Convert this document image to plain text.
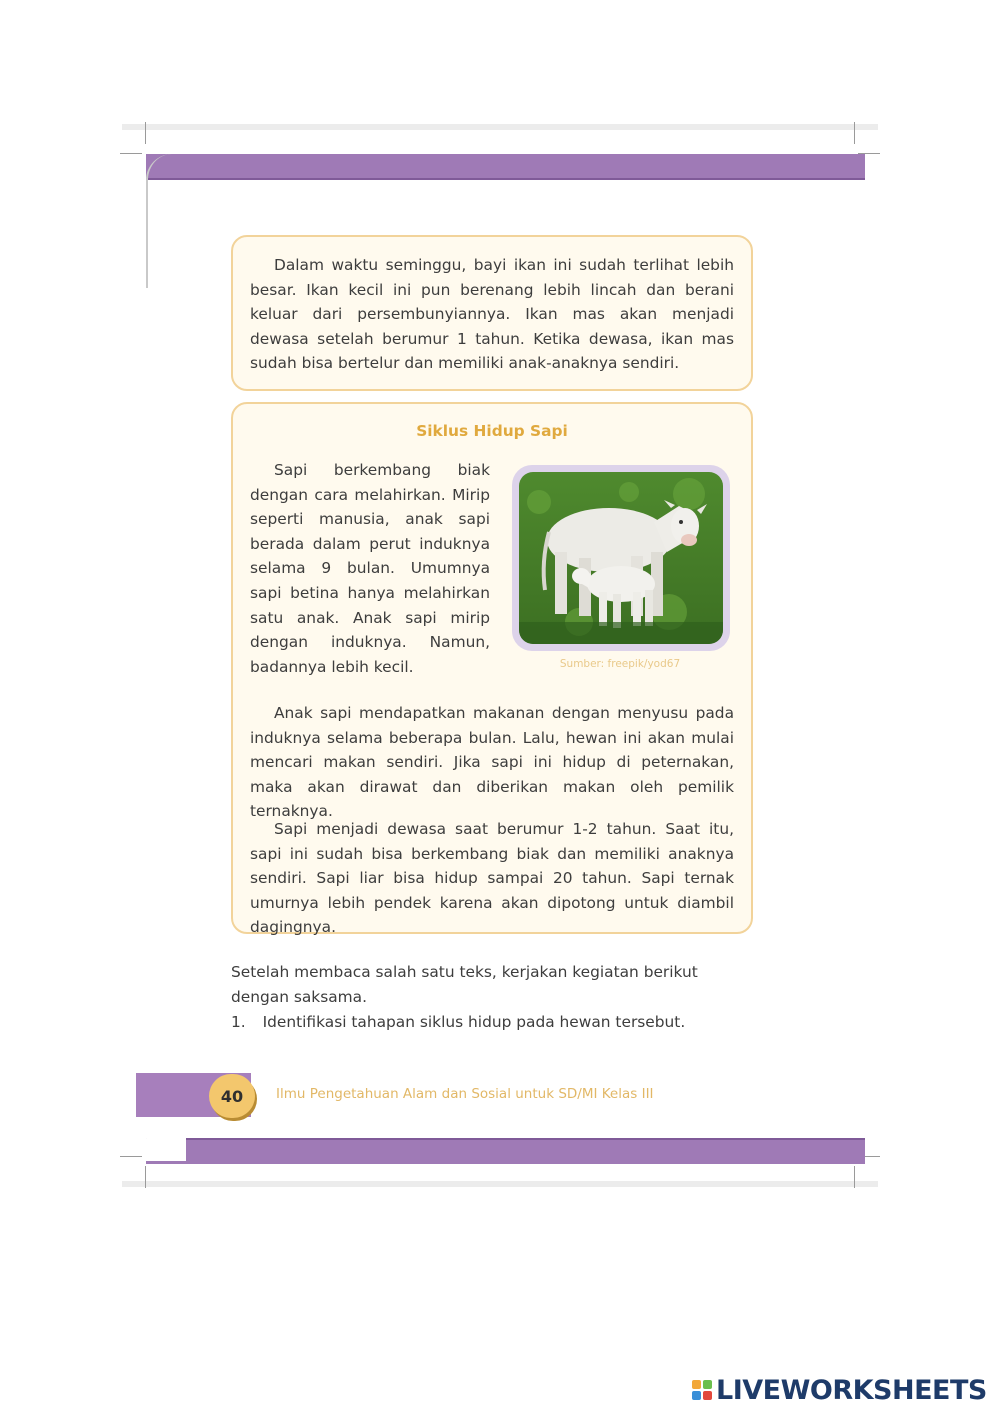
Dalam waktu seminggu, bayi ikan ini sudah terlihat lebih besar. Ikan kecil ini pun berenang lebih lincah dan berani keluar dari persembunyiannya. Ikan mas akan menjadi dewasa setelah berumur 1 tahun. Ketika dewasa, ikan mas sudah bisa bertelur dan memiliki anak-anaknya sendiri.

Siklus Hidup Sapi

Sapi berkembang biak dengan cara melahirkan. Mirip seperti manusia, anak sapi berada dalam perut induknya selama 9 bulan. Umumnya sapi betina hanya melahirkan satu anak. Anak sapi mirip dengan induknya. Namun, badannya lebih kecil.	Sumber: freepik/yod67

Anak sapi mendapatkan makanan dengan menyusu pada induknya selama beberapa bulan. Lalu, hewan ini akan mulai mencari makan sendiri. Jika sapi ini hidup di peternakan, maka akan dirawat dan diberikan makan oleh pemilik ternaknya.

Sapi menjadi dewasa saat berumur 1-2 tahun. Saat itu, sapi ini sudah bisa berkembang biak dan memiliki anaknya sendiri. Sapi liar bisa hidup sampai 20 tahun. Sapi ternak umurnya lebih pendek karena akan dipotong untuk diambil dagingnya.

Setelah membaca salah satu teks, kerjakan kegiatan berikut dengan saksama.

1. Identifikasi tahapan siklus hidup pada hewan tersebut.
40	Ilmu Pengetahuan Alam dan Sosial untuk SD/MI Kelas III
LIVEWORKSHEETS
